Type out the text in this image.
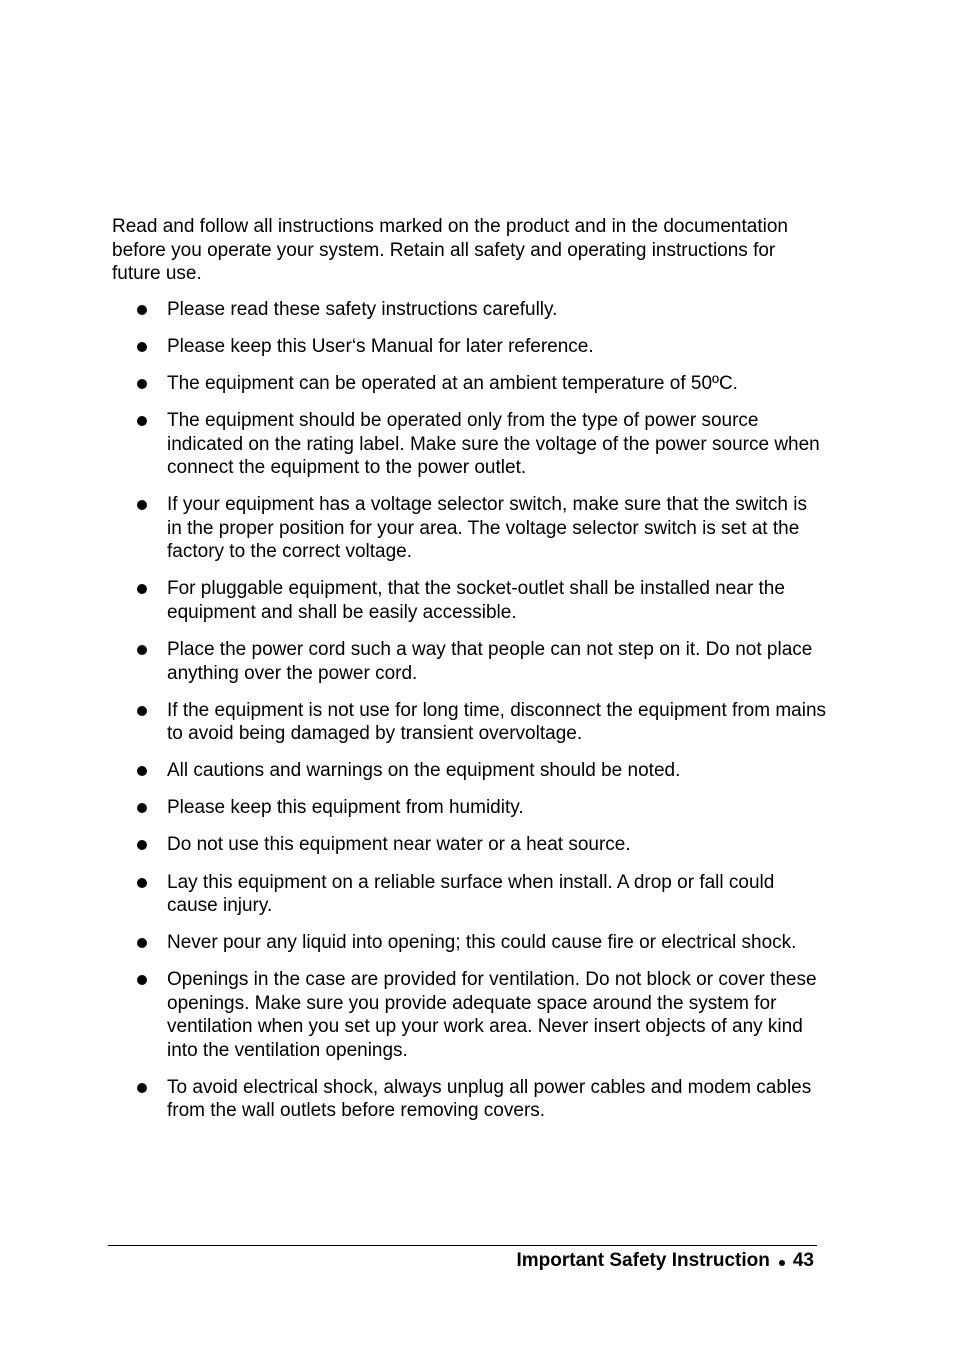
Read and follow all instructions marked on the product and in the documentation before you operate your system. Retain all safety and operating instructions for future use.

Please read these safety instructions carefully.
Please keep this User‘s Manual for later reference.
The equipment can be operated at an ambient temperature of 50ºC.
The equipment should be operated only from the type of power source indicated on the rating label. Make sure the voltage of the power source when connect the equipment to the power outlet.
If your equipment has a voltage selector switch, make sure that the switch is in the proper position for your area. The voltage selector switch is set at the factory to the correct voltage.
For pluggable equipment, that the socket-outlet shall be installed near the equipment and shall be easily accessible.
Place the power cord such a way that people can not step on it. Do not place anything over the power cord.
If the equipment is not use for long time, disconnect the equipment from mains to avoid being damaged by transient overvoltage.
All cautions and warnings on the equipment should be noted.
Please keep this equipment from humidity.
Do not use this equipment near water or a heat source.
Lay this equipment on a reliable surface when install. A drop or fall could cause injury.
Never pour any liquid into opening; this could cause fire or electrical shock.
Openings in the case are provided for ventilation. Do not block or cover these openings. Make sure you provide adequate space around the system for ventilation when you set up your work area. Never insert objects of any kind into the ventilation openings.
To avoid electrical shock, always unplug all power cables and modem cables from the wall outlets before removing covers.
Important Safety Instruction 43
